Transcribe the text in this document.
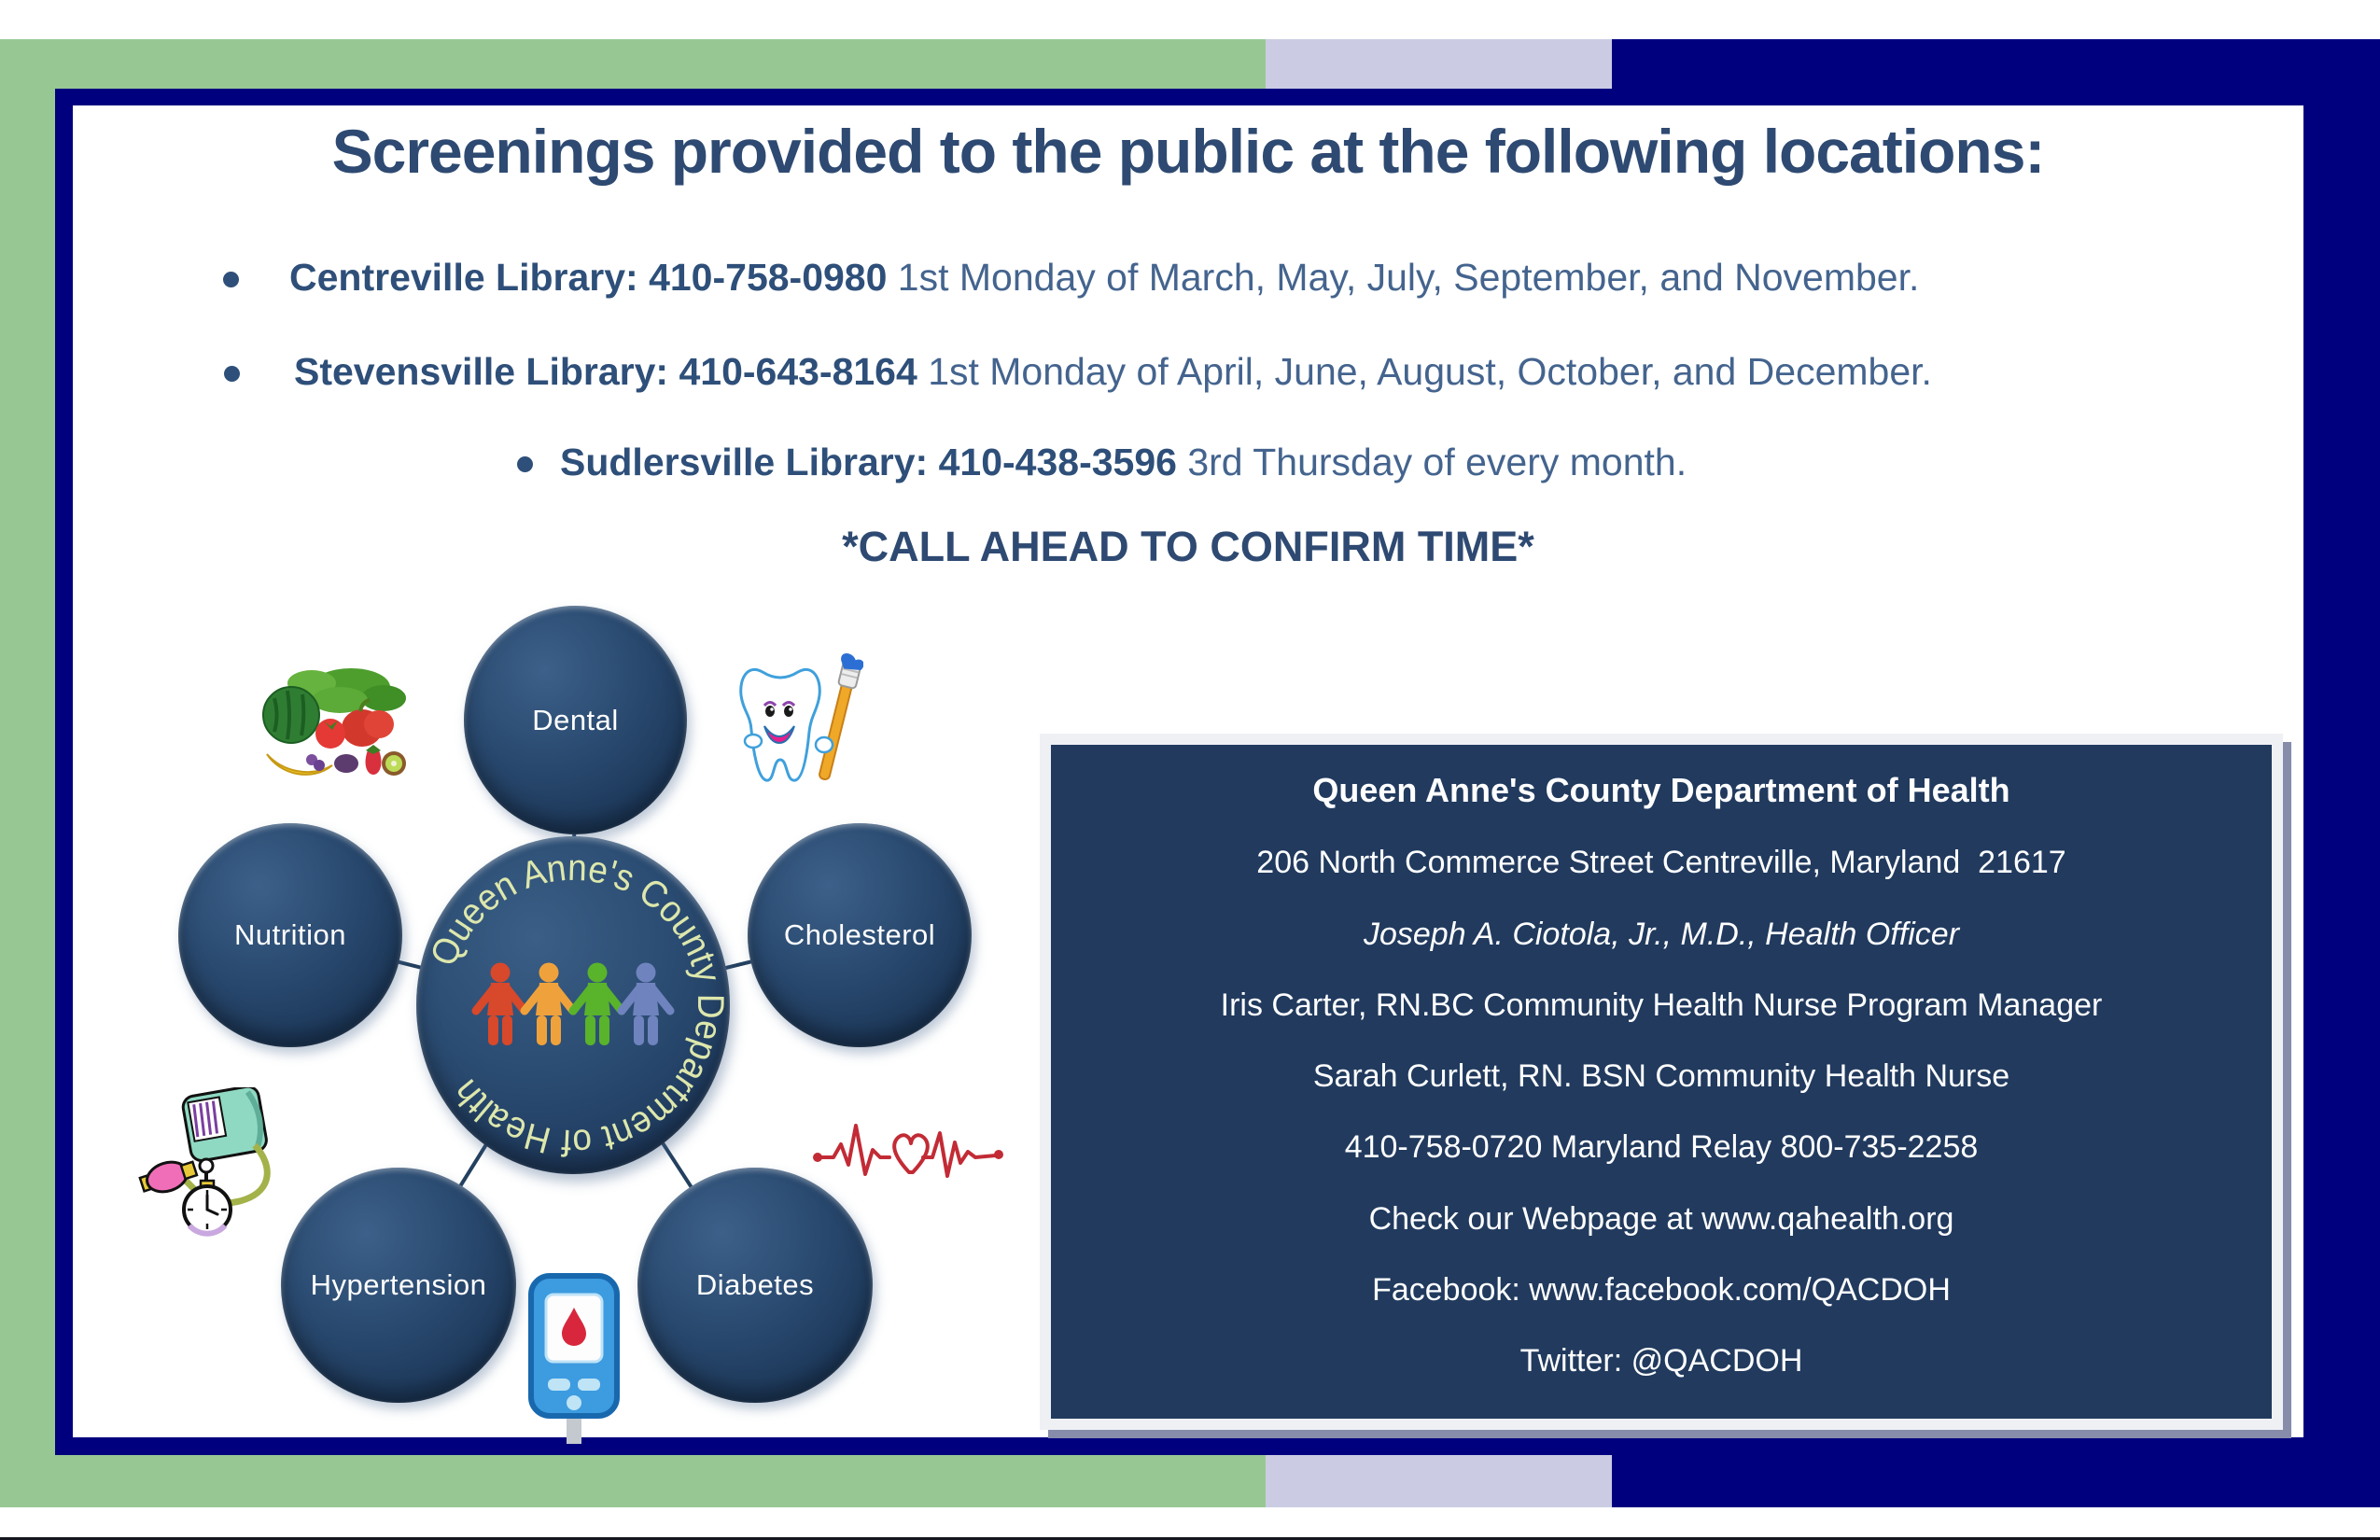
Screenings provided to the public at the following locations:
Centreville Library: 410-758-0980 1st Monday of March, May, July, September, and November.
Stevensville Library: 410-643-8164 1st Monday of April, June, August, October, and December.
Sudlersville Library: 410-438-3596 3rd Thursday of every month.
*CALL AHEAD TO CONFIRM TIME*
Dental
Nutrition	Cholesterol
Hypertension	Diabetes
Queen Anne's County Department of Health
Queen Anne's County Department of Health
206 North Commerce Street Centreville, Maryland  21617
Joseph A. Ciotola, Jr., M.D., Health Officer
Iris Carter, RN.BC Community Health Nurse Program Manager
Sarah Curlett, RN. BSN Community Health Nurse
410-758-0720 Maryland Relay 800-735-2258
Check our Webpage at www.qahealth.org
Facebook: www.facebook.com/QACDOH
Twitter: @QACDOH
